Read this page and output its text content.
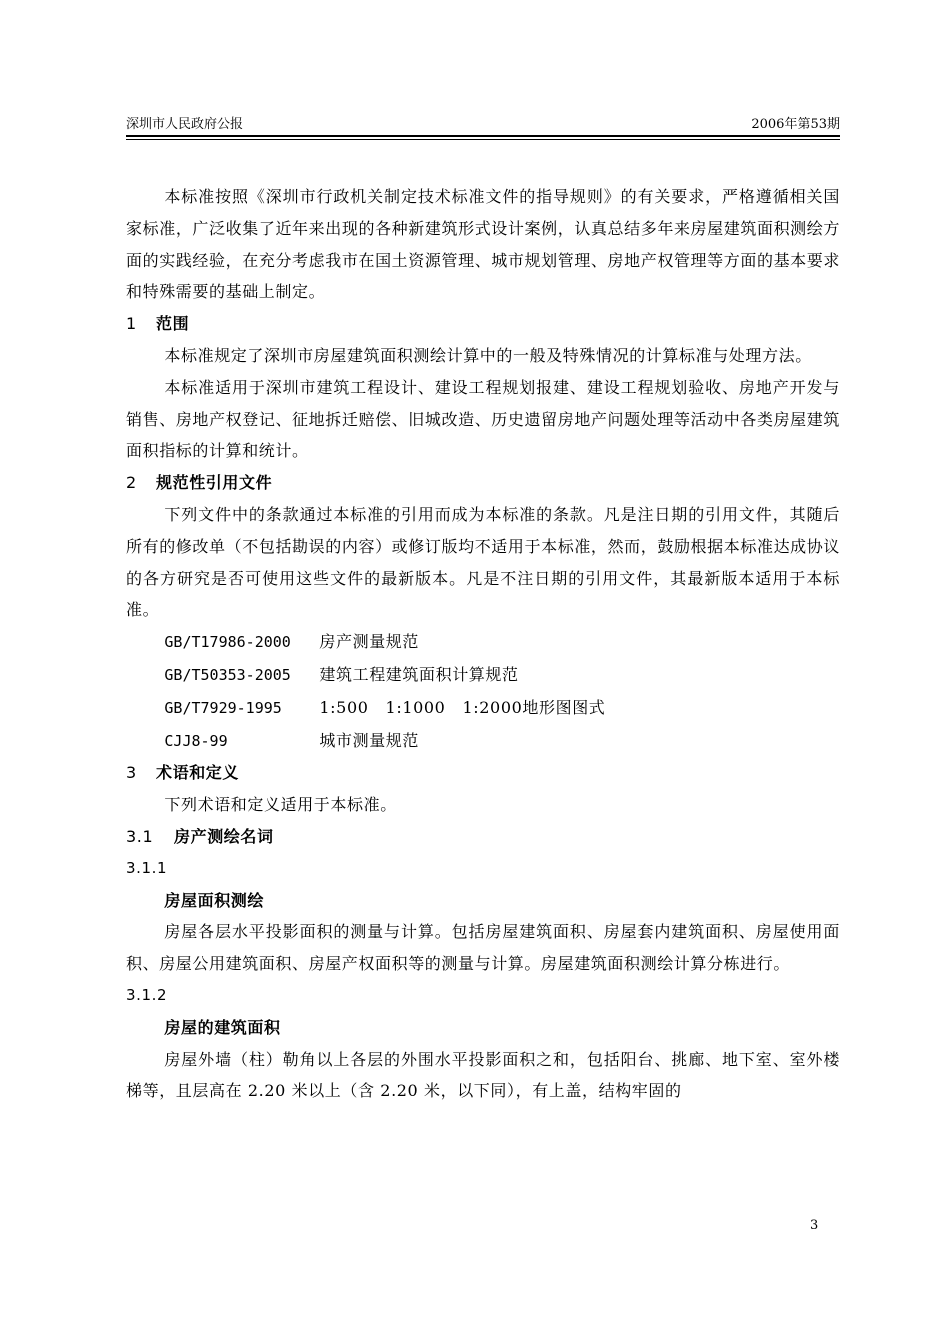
深圳市人民政府公报	2006年第53期

本标准按照《深圳市行政机关制定技术标准文件的指导规则》的有关要求，严格遵循相关国家标准，广泛收集了近年来出现的各种新建筑形式设计案例，认真总结多年来房屋建筑面积测绘方面的实践经验，在充分考虑我市在国土资源管理、城市规划管理、房地产权管理等方面的基本要求和特殊需要的基础上制定。

1 范围

本标准规定了深圳市房屋建筑面积测绘计算中的一般及特殊情况的计算标准与处理方法。

本标准适用于深圳市建筑工程设计、建设工程规划报建、建设工程规划验收、房地产开发与销售、房地产权登记、征地拆迁赔偿、旧城改造、历史遗留房地产问题处理等活动中各类房屋建筑面积指标的计算和统计。

2 规范性引用文件

下列文件中的条款通过本标准的引用而成为本标准的条款。凡是注日期的引用文件，其随后所有的修改单（不包括勘误的内容）或修订版均不适用于本标准，然而，鼓励根据本标准达成协议的各方研究是否可使用这些文件的最新版本。凡是不注日期的引用文件，其最新版本适用于本标准。

GB/T17986-2000 房产测量规范

GB/T50353-2005 建筑工程建筑面积计算规范

GB/T7929-1995 1:500   1:1000   1:2000地形图图式

CJJ8-99	城市测量规范

3 术语和定义

下列术语和定义适用于本标准。

3.1 房产测绘名词

3.1.1

房屋面积测绘

房屋各层水平投影面积的测量与计算。包括房屋建筑面积、房屋套内建筑面积、房屋使用面积、房屋公用建筑面积、房屋产权面积等的测量与计算。房屋建筑面积测绘计算分栋进行。

3.1.2

房屋的建筑面积

房屋外墙（柱）勒角以上各层的外围水平投影面积之和，包括阳台、挑廊、地下室、室外楼梯等，且层高在 2.20 米以上（含 2.20 米，以下同），有上盖，结构牢固的

3
